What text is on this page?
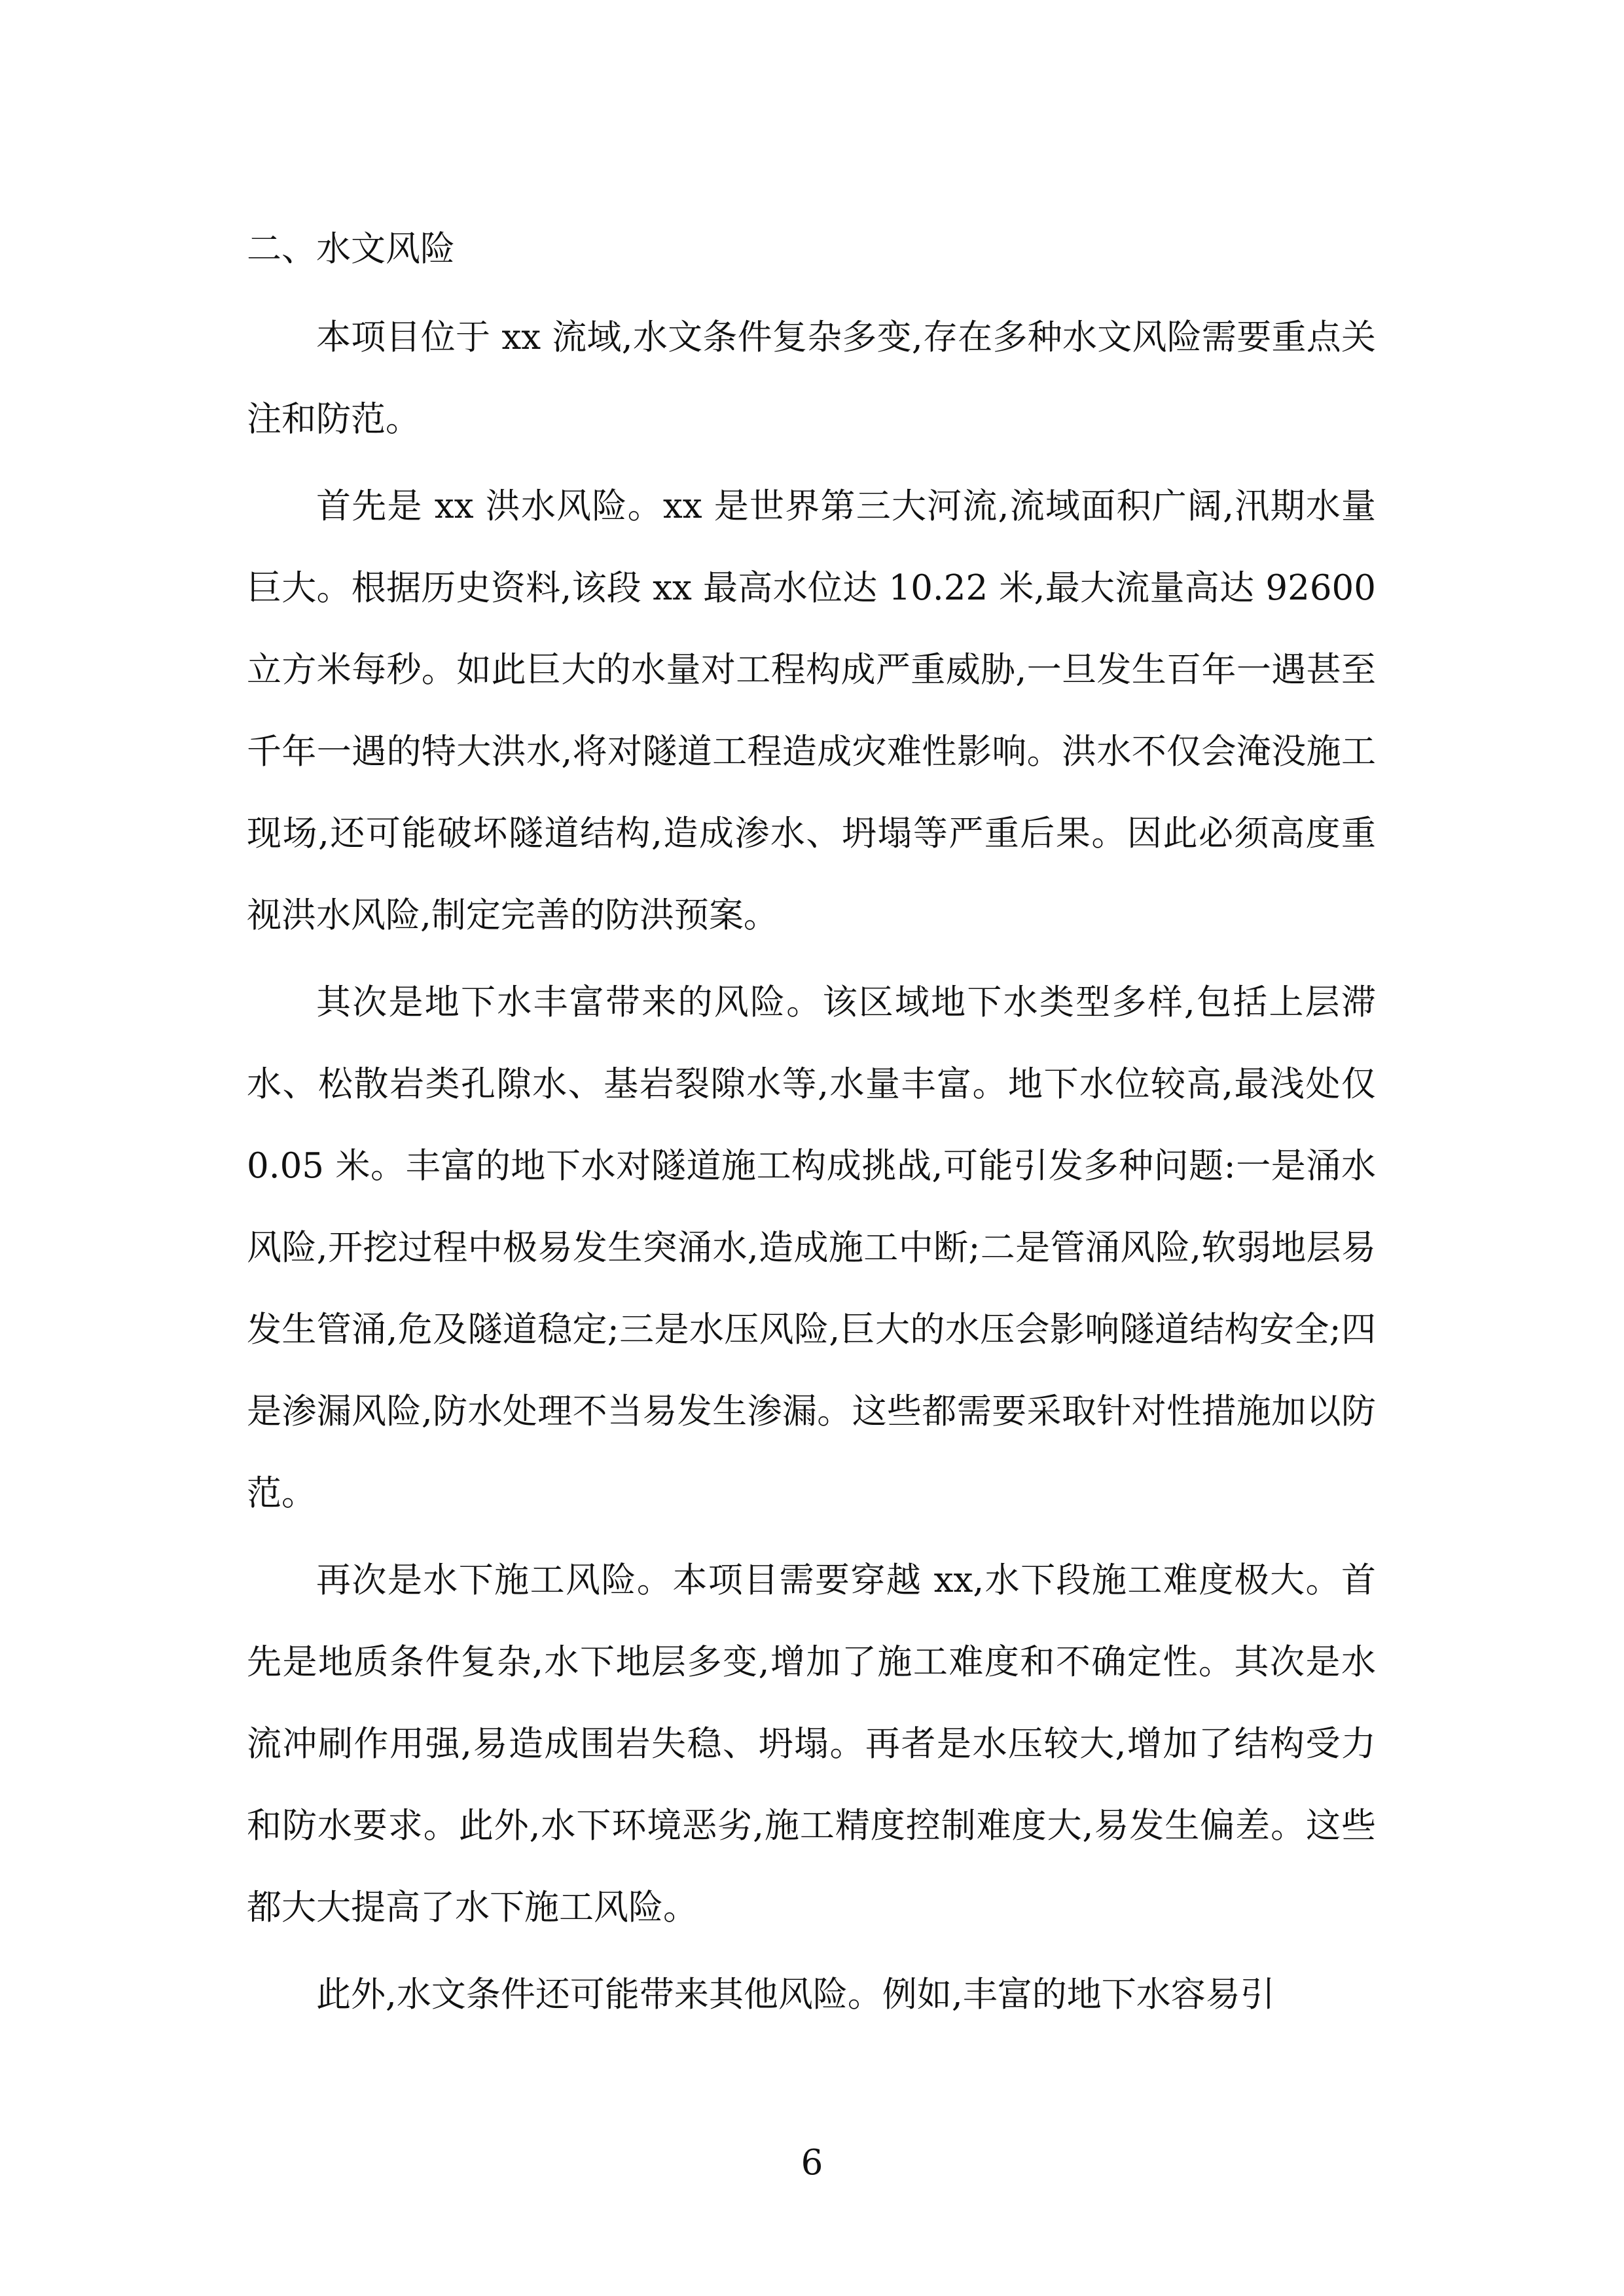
二、水文风险

本项目位于 xx 流域,水文条件复杂多变,存在多种水文风险需要重点关注和防范。

首先是 xx 洪水风险。xx 是世界第三大河流,流域面积广阔,汛期水量巨大。根据历史资料,该段 xx 最高水位达 10.22 米,最大流量高达 92600 立方米每秒。如此巨大的水量对工程构成严重威胁,一旦发生百年一遇甚至千年一遇的特大洪水,将对隧道工程造成灾难性影响。洪水不仅会淹没施工现场,还可能破坏隧道结构,造成渗水、坍塌等严重后果。因此必须高度重视洪水风险,制定完善的防洪预案。

其次是地下水丰富带来的风险。该区域地下水类型多样,包括上层滞水、松散岩类孔隙水、基岩裂隙水等,水量丰富。地下水位较高,最浅处仅 0.05 米。丰富的地下水对隧道施工构成挑战,可能引发多种问题:一是涌水风险,开挖过程中极易发生突涌水,造成施工中断;二是管涌风险,软弱地层易发生管涌,危及隧道稳定;三是水压风险,巨大的水压会影响隧道结构安全;四是渗漏风险,防水处理不当易发生渗漏。这些都需要采取针对性措施加以防范。

再次是水下施工风险。本项目需要穿越 xx,水下段施工难度极大。首先是地质条件复杂,水下地层多变,增加了施工难度和不确定性。其次是水流冲刷作用强,易造成围岩失稳、坍塌。再者是水压较大,增加了结构受力和防水要求。此外,水下环境恶劣,施工精度控制难度大,易发生偏差。这些都大大提高了水下施工风险。

此外,水文条件还可能带来其他风险。例如,丰富的地下水容易引

6
